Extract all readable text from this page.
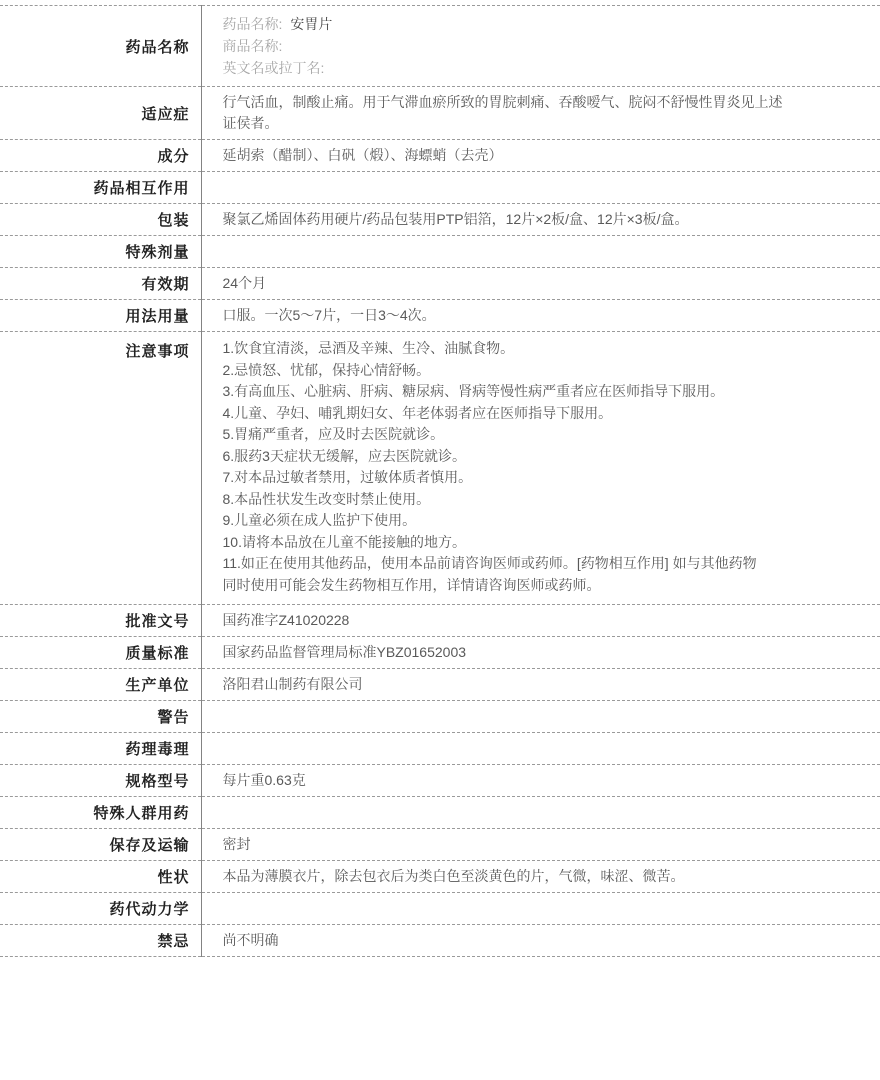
药品名称	药品名称: 安胃片
商品名称:
英文名或拉丁名:

适应症	行气活血，制酸止痛。用于气滞血瘀所致的胃脘刺痛、吞酸嗳气、脘闷不舒慢性胃炎见上述证侯者。

成分	延胡索（醋制）、白矾（煅）、海螵蛸（去壳）
药品相互作用	
包装	聚氯乙烯固体药用硬片/药品包装用PTP铝箔，12片×2板/盒、12片×3板/盒。
特殊剂量	
有效期	24个月
用法用量	口服。一次5～7片，一日3～4次。
注意事项	1.饮食宜清淡，忌酒及辛辣、生冷、油腻食物。
2.忌愤怒、忧郁，保持心情舒畅。
3.有高血压、心脏病、肝病、糖尿病、肾病等慢性病严重者应在医师指导下服用。
4.儿童、孕妇、哺乳期妇女、年老体弱者应在医师指导下服用。
5.胃痛严重者，应及时去医院就诊。
6.服药3天症状无缓解，应去医院就诊。
7.对本品过敏者禁用，过敏体质者慎用。
8.本品性状发生改变时禁止使用。
9.儿童必须在成人监护下使用。
10.请将本品放在儿童不能接触的地方。
11.如正在使用其他药品，使用本品前请咨询医师或药师。[药物相互作用] 如与其他药物同时使用可能会发生药物相互作用，详情请咨询医师或药师。

批准文号	国药准字Z41020228
质量标准	国家药品监督管理局标准YBZ01652003
生产单位	洛阳君山制药有限公司
警告	
药理毒理	
规格型号	每片重0.63克
特殊人群用药	
保存及运输	密封
性状	本品为薄膜衣片，除去包衣后为类白色至淡黄色的片，气微，味涩、微苦。
药代动力学	
禁忌	尚不明确
